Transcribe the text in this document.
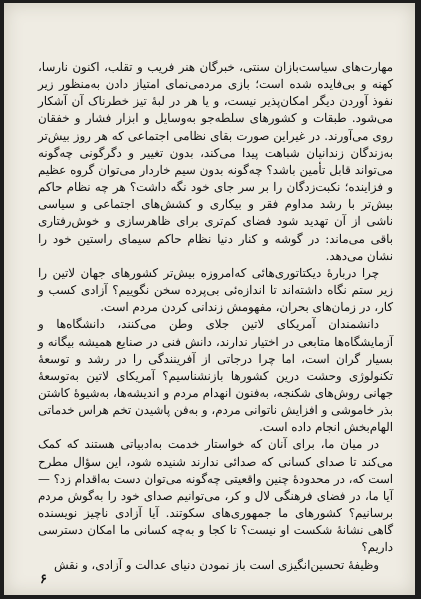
مهارت‌های سیاست‌بازان سنتی، خبرگان هنر فریب و تقلب، اکنون نارسا، کهنه و بی‌فایده شده است؛ بازی مردمی‌نمای امتیاز دادن به‌منظور زیر نفوذ آوردن دیگر امکان‌پذیر نیست، و یا هر در لبهٔ تیز خطرناک آن آشکار می‌شود. طبقات و کشورهای سلطه‌جو به‌وسایل و ابزار فشار و خفقان روی می‌آورند. در غیراین صورت بقای نظامی اجتماعی که هر روز بیش‌تر به‌زندگان زندانیان شباهت پیدا می‌کند، بدون تغییر و دگرگونی چه‌گونه می‌تواند قابل تأمین باشد؟ چه‌گونه بدون سیم خاردار می‌توان گروه عظیم و فزاینده؛ نکبت‌زدگان را بر سر جای خود نگه داشت؟ هر چه نظام حاکم بیش‌تر با رشد مداوم فقر و بیکاری و کشش‌های اجتماعی و سیاسی ناشی از آن تهدید شود فضای کم‌تری برای ظاهرسازی و خوش‌رفتاری باقی می‌ماند: در گوشه و کنار دنیا نظام حاکم سیمای راستین خود را نشان می‌دهد.

چرا دربارهٔ دیکتاتوری‌هائی که‌امروزه بیش‌تر کشورهای جهان لاتین را زیر ستم نگاه داشته‌اند تا اندازه‌ئی بی‌پرده سخن نگوییم؟ آزادی کسب و کار، در زمان‌های بحران، مفهومش زندانی کردن مردم است.

دانشمندان آمریکای لاتین جلای وطن می‌کنند، دانشگاه‌ها و آزمایشگاه‌ها متابعی در اختیار ندارند، دانش فنی در صنایع همیشه بیگانه و بسیار گران است، اما چرا درجاتی از آفرینندگی را در رشد و توسعهٔ تکنولوژی وحشت درین کشورها بازنشناسیم؟ آمریکای لاتین به‌توسعهٔ جهانی روش‌های شکنجه، به‌فنون انهدام مردم و اندیشه‌ها، به‌شیوهٔ کاشتن بذر خاموشی و افزایش ناتوانی مردم، و به‌فن پاشیدن تخم هراس خدماتی الهام‌بخش انجام داده است.

در میان ما، برای آنان که خواستار خدمت به‌ادبیاتی هستند که کمک می‌کند تا صدای کسانی که صدائی ندارند شنیده شود، این سؤال مطرح است که، در محدودهٔ چنین واقعیتی چه‌گونه می‌توان دست به‌اقدام زد؟ — آیا ما، در فضای فرهنگی لال و کر، می‌توانیم صدای خود را به‌گوش مردم برسانیم؟ کشورهای ما جمهوری‌های سکوتند. آیا آزادی ناچیز نویسنده گاهی نشانهٔ شکست او نیست؟ تا کجا و به‌چه کسانی ما امکان دسترسی داریم؟

وظیفهٔ تحسین‌انگیزی است باز نمودن دنیای عدالت و آزادی، و نقش

۶
